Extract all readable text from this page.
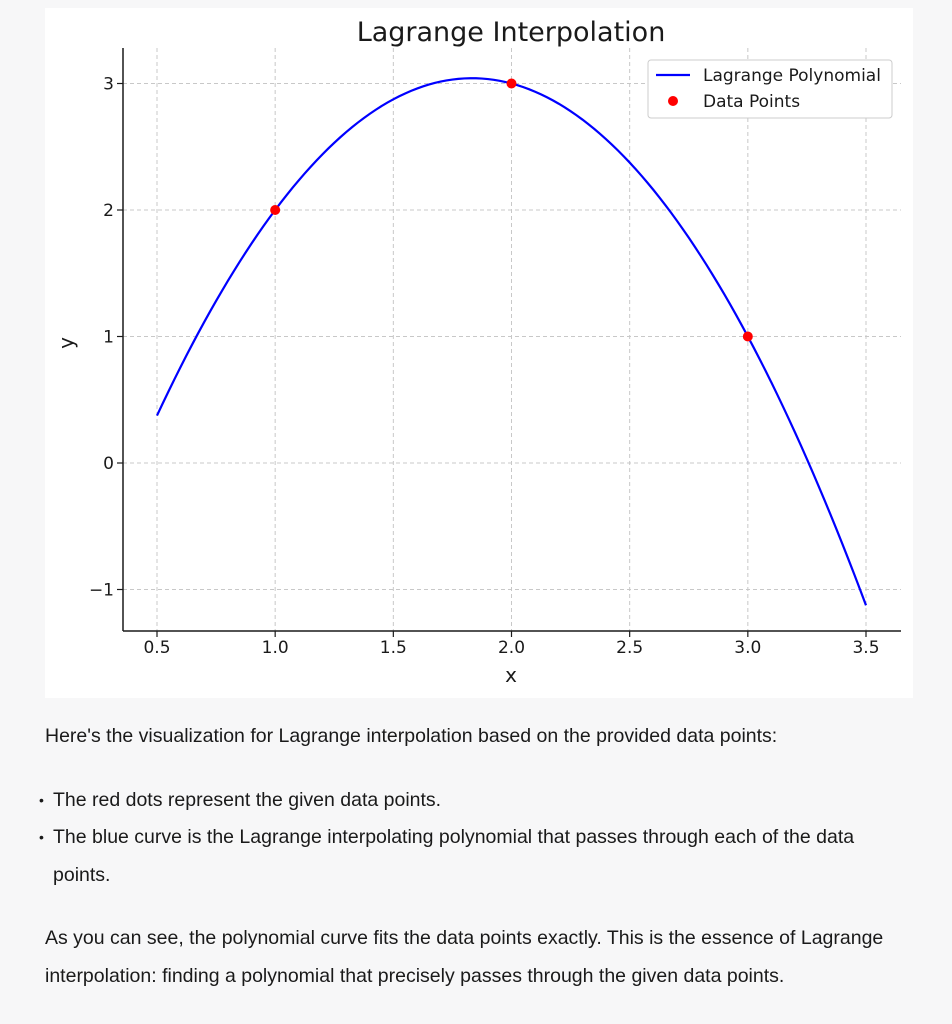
0.5	1.0	1.5	2.0	2.5	3.0	3.5
−1
0
1
2
3
Lagrange Interpolation
x
y
Lagrange Polynomial
Data Points

Here's the visualization for Lagrange interpolation based on the provided data points:

• The red dots represent the given data points.
• The blue curve is the Lagrange interpolating polynomial that passes through each of the data points.

As you can see, the polynomial curve fits the data points exactly. This is the essence of Lagrange interpolation: finding a polynomial that precisely passes through the given data points.
